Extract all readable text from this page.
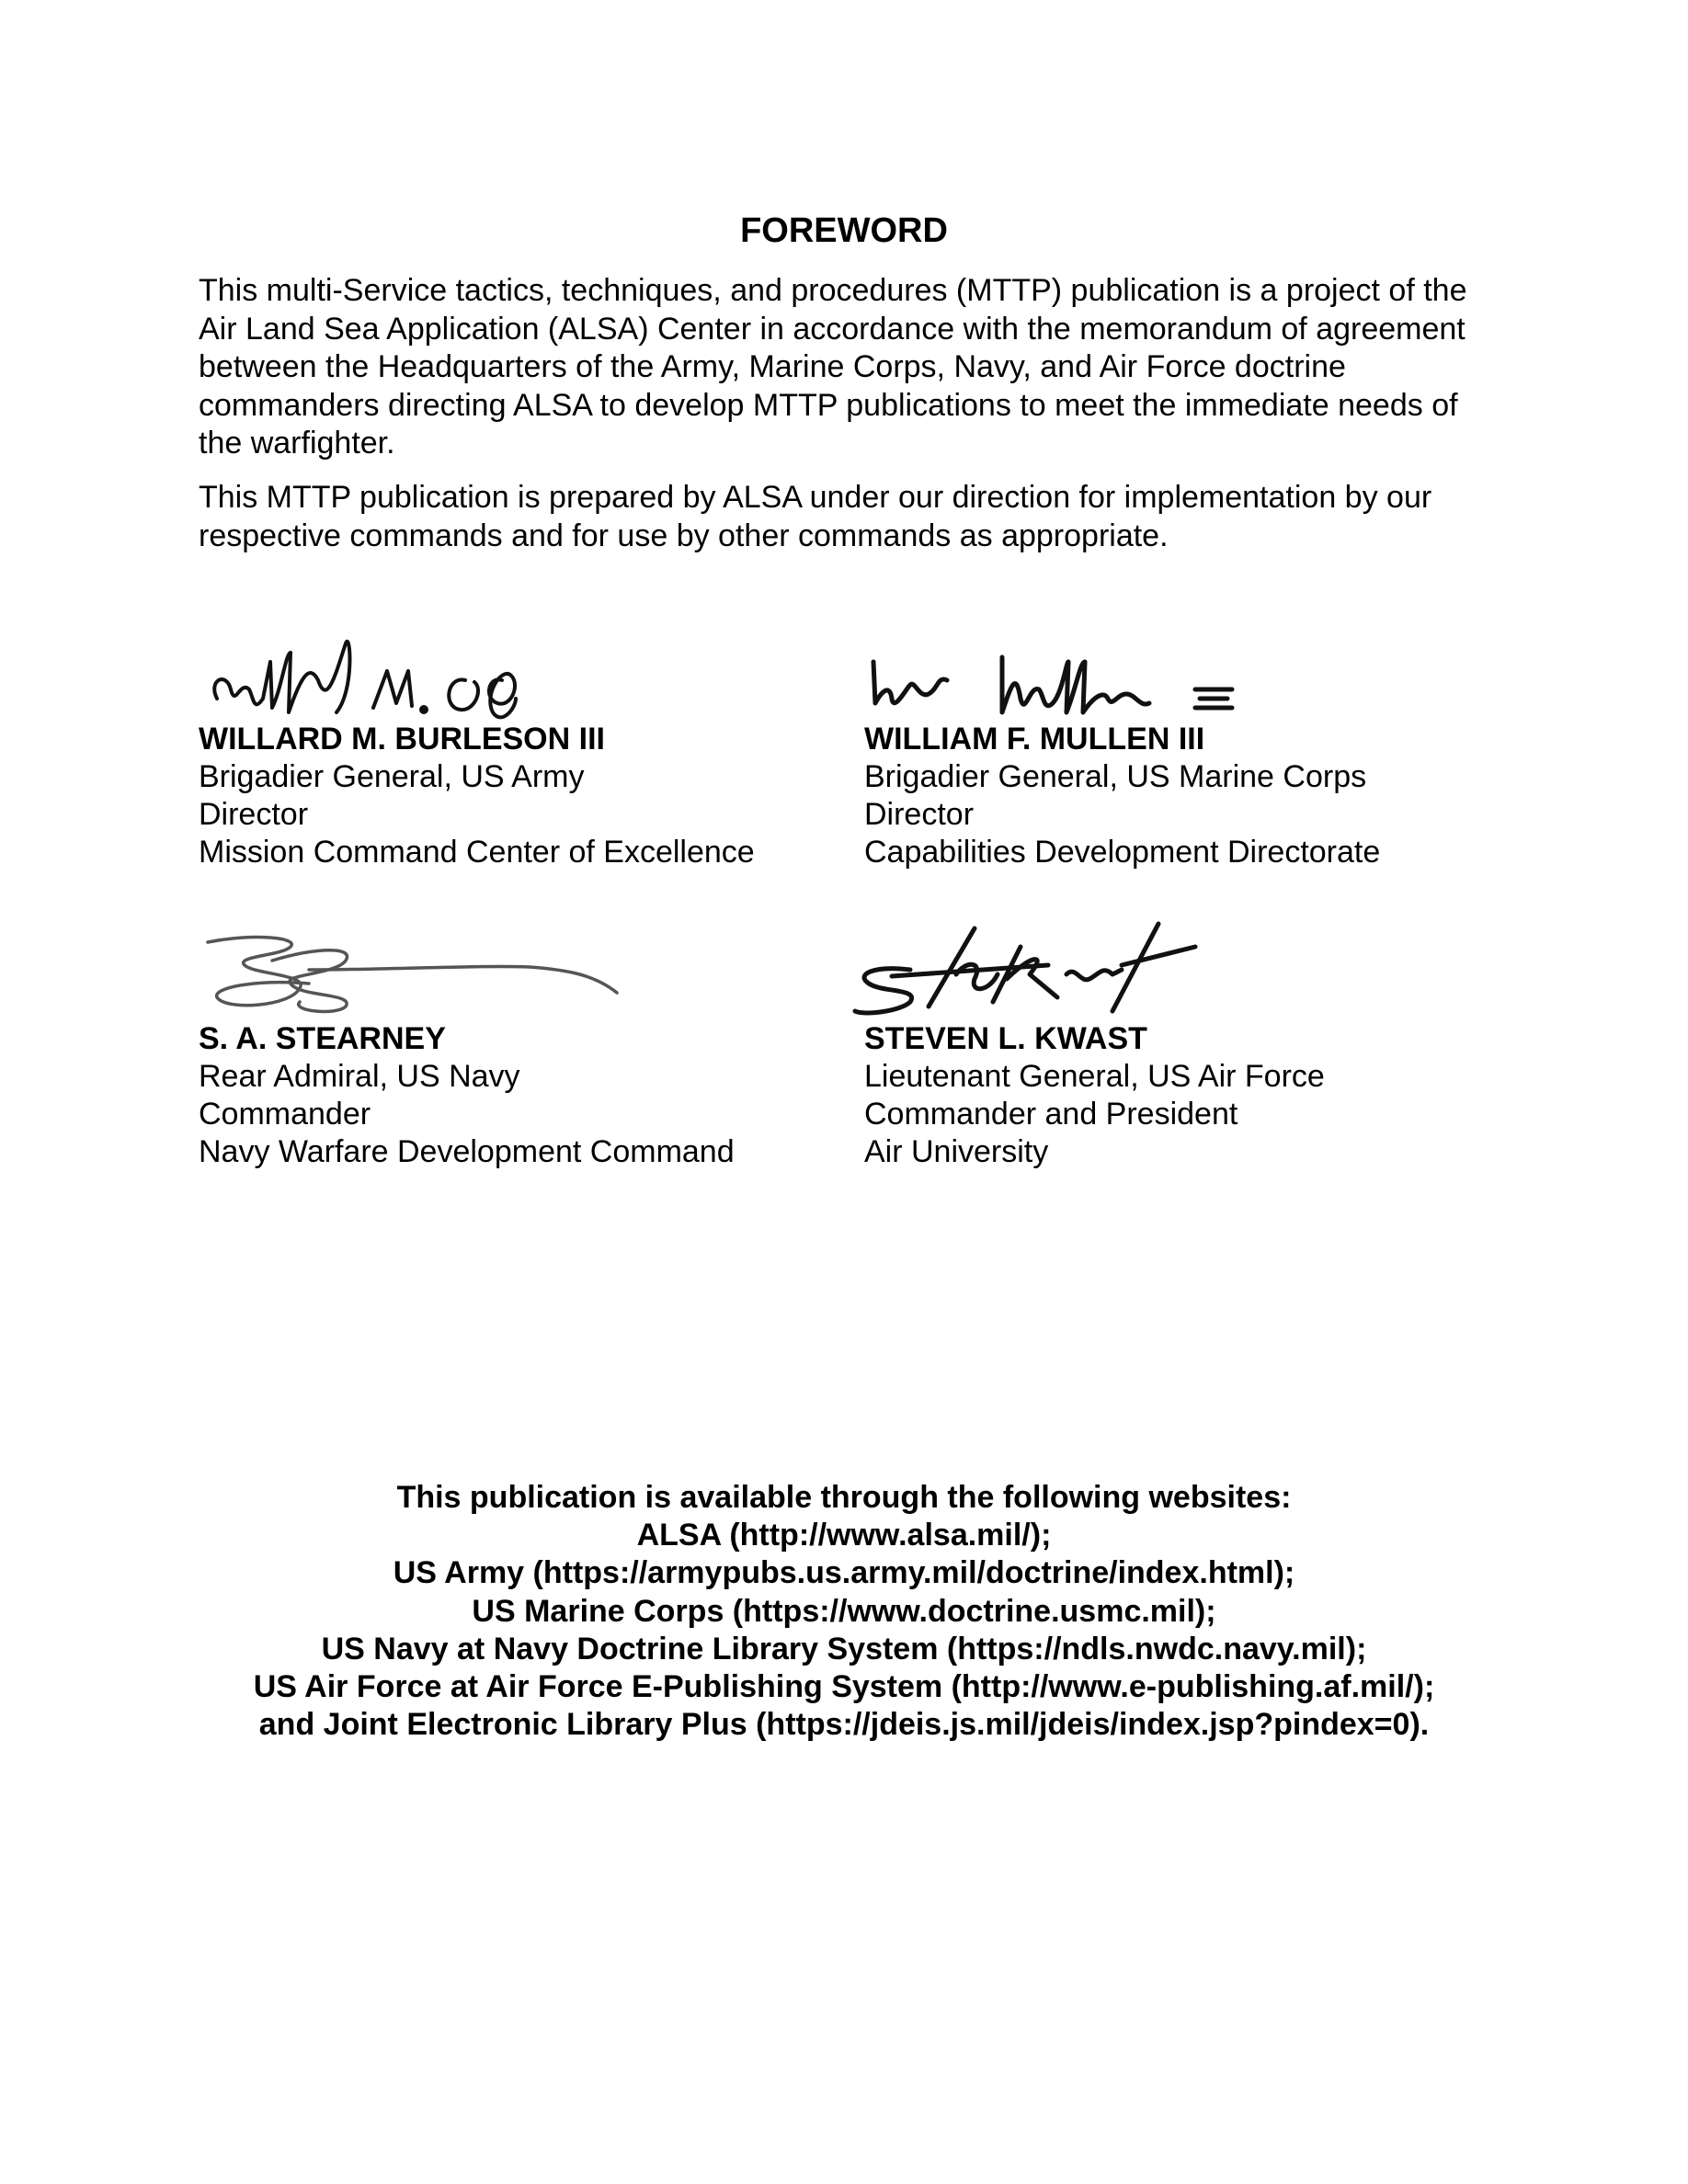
FOREWORD

This multi-Service tactics, techniques, and procedures (MTTP) publication is a project of the Air Land Sea Application (ALSA) Center in accordance with the memorandum of agreement between the Headquarters of the Army, Marine Corps, Navy, and Air Force doctrine commanders directing ALSA to develop MTTP publications to meet the immediate needs of the warfighter.

This MTTP publication is prepared by ALSA under our direction for implementation by our respective commands and for use by other commands as appropriate.

WILLARD M. BURLESON III
Brigadier General, US Army
Director
Mission Command Center of Excellence
WILLIAM F. MULLEN III
Brigadier General, US Marine Corps
Director
Capabilities Development Directorate
S. A. STEARNEY
Rear Admiral, US Navy
Commander
Navy Warfare Development Command
STEVEN L. KWAST
Lieutenant General, US Air Force
Commander and President
Air University
This publication is available through the following websites:
ALSA (http://www.alsa.mil/);
US Army (https://armypubs.us.army.mil/doctrine/index.html);
US Marine Corps (https://www.doctrine.usmc.mil);
US Navy at Navy Doctrine Library System (https://ndls.nwdc.navy.mil);
US Air Force at Air Force E-Publishing System (http://www.e-publishing.af.mil/);
and Joint Electronic Library Plus (https://jdeis.js.mil/jdeis/index.jsp?pindex=0).
